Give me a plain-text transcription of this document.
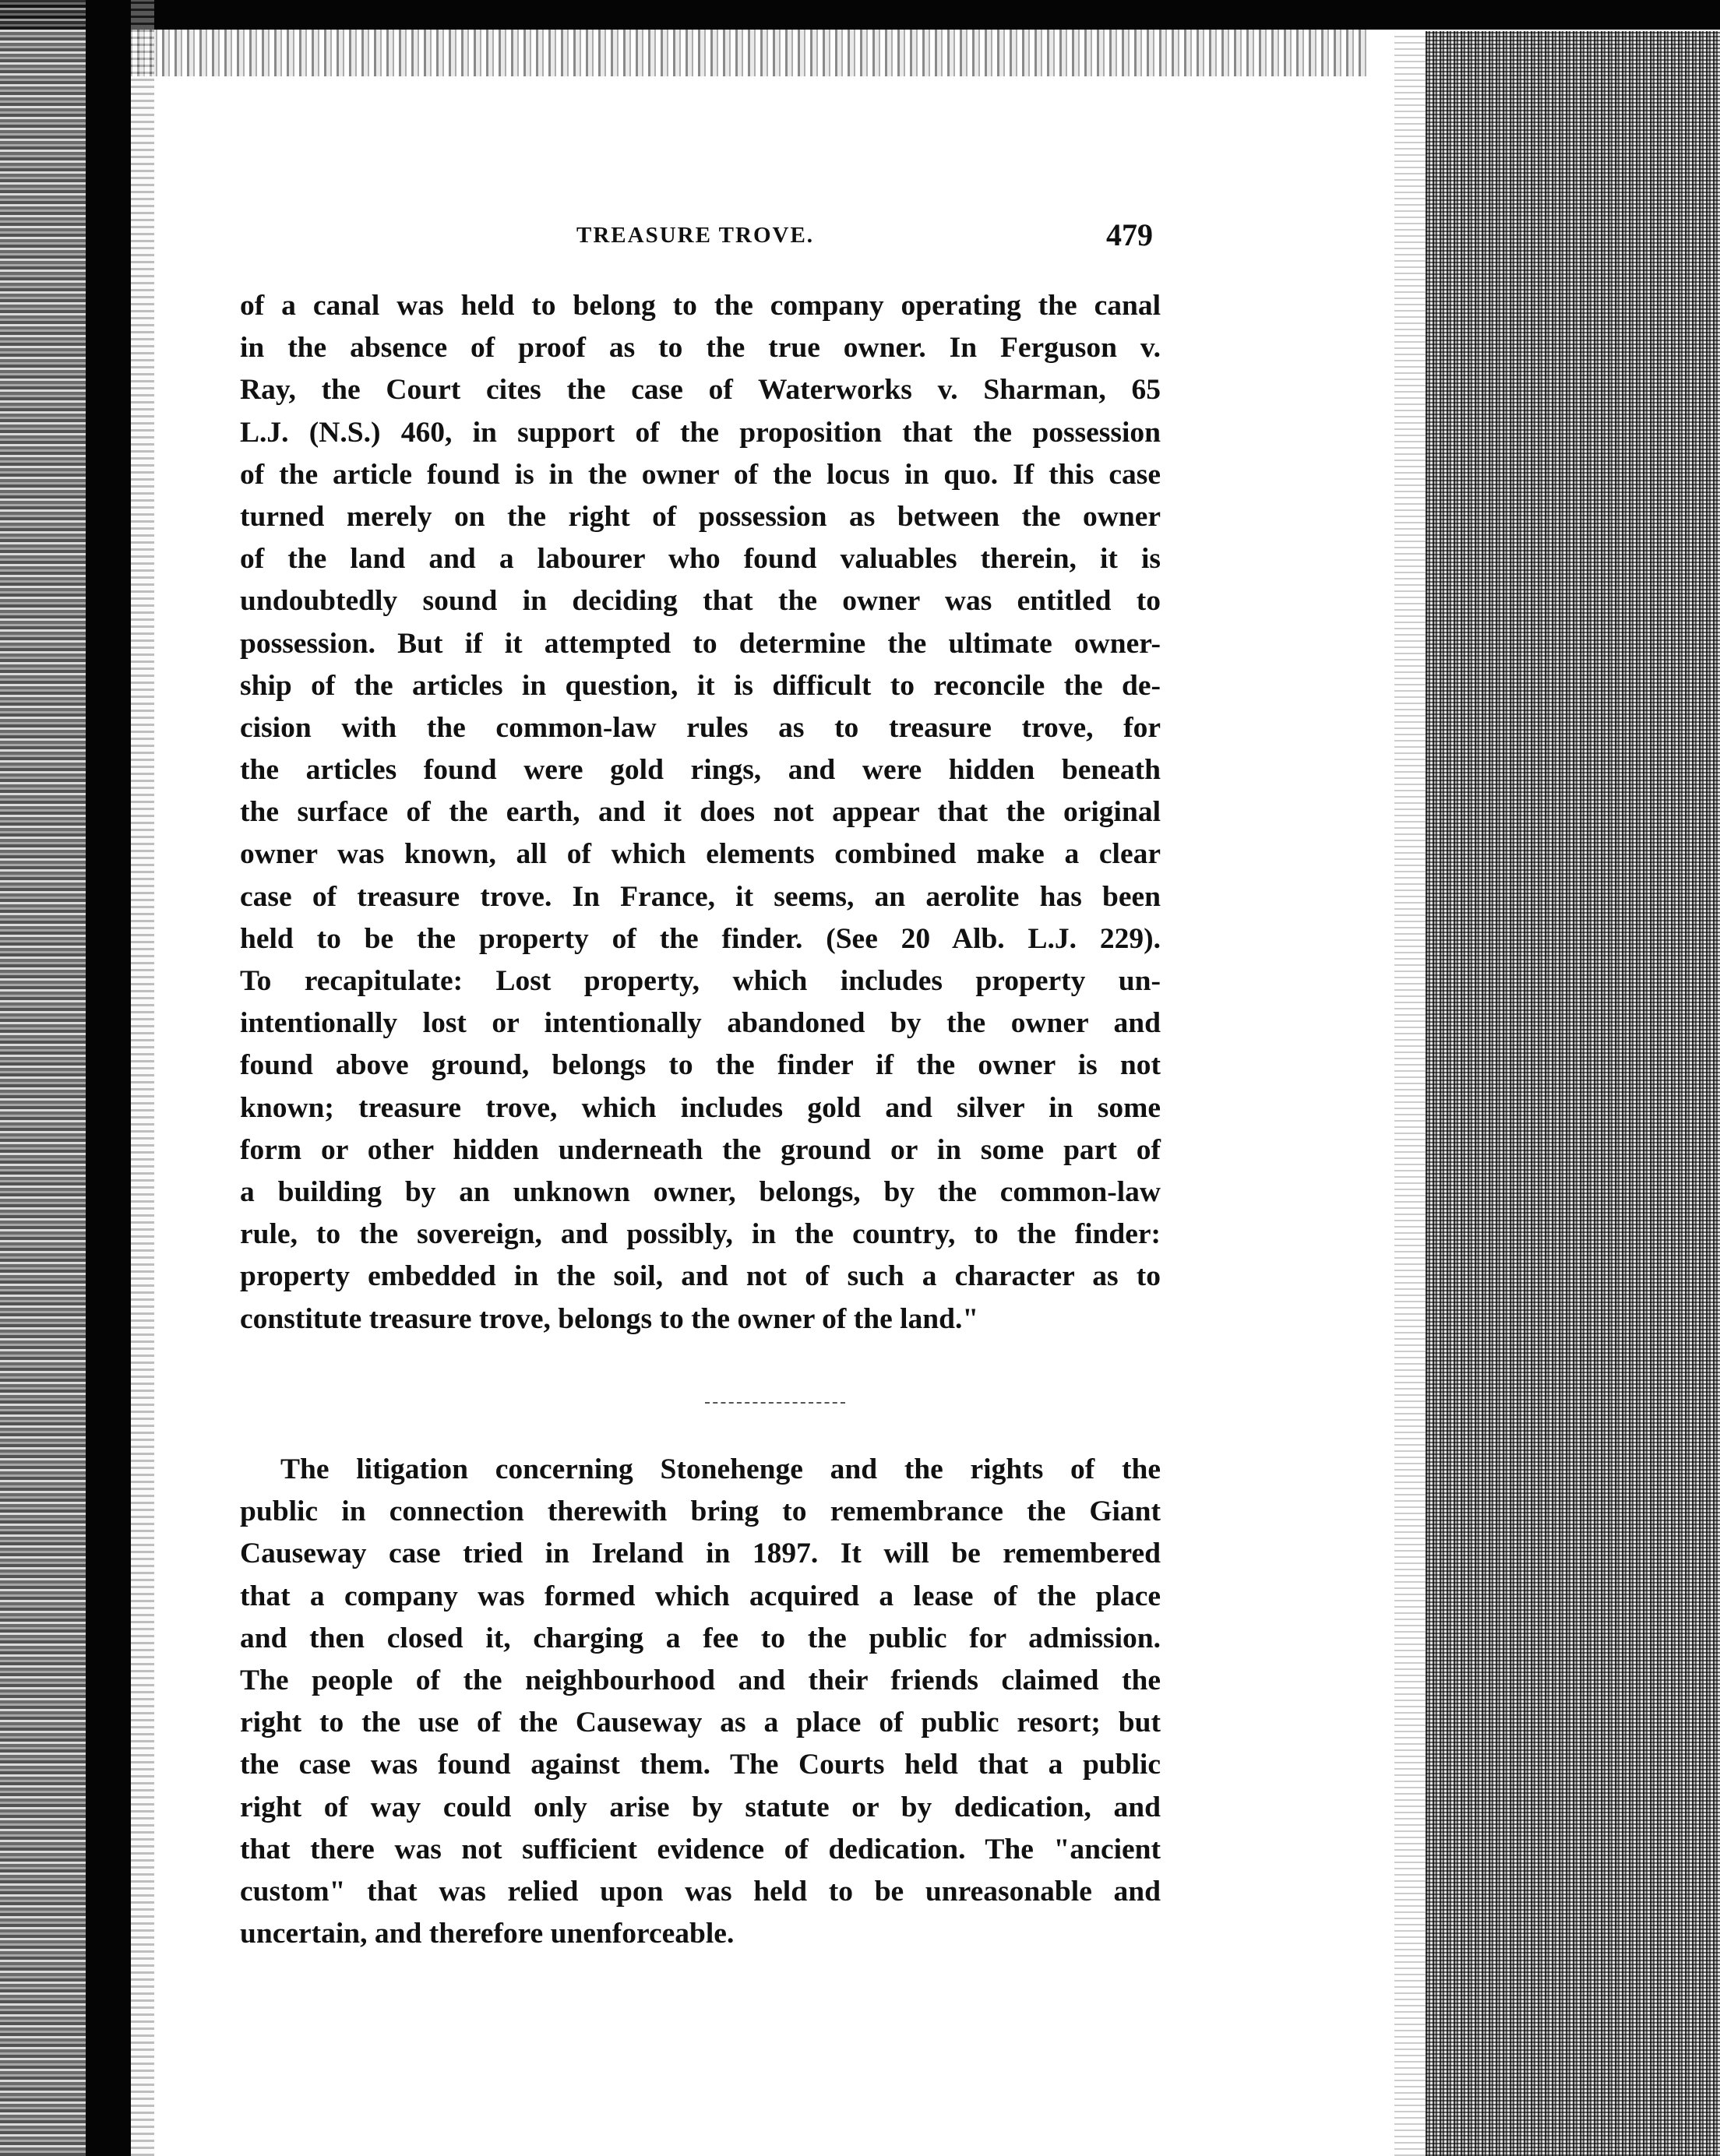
TREASURE TROVE.	479
of a canal was held to belong to the company operating the canal
in the absence of proof as to the true owner. In Ferguson v.
Ray, the Court cites the case of Waterworks v. Sharman, 65
L.J. (N.S.) 460, in support of the proposition that the possession
of the article found is in the owner of the locus in quo. If this case
turned merely on the right of possession as between the owner
of the land and a labourer who found valuables therein, it is
undoubtedly sound in deciding that the owner was entitled to
possession. But if it attempted to determine the ultimate owner-
ship of the articles in question, it is difficult to reconcile the de-
cision with the common-law rules as to treasure trove, for
the articles found were gold rings, and were hidden beneath
the surface of the earth, and it does not appear that the original
owner was known, all of which elements combined make a clear
case of treasure trove. In France, it seems, an aerolite has been
held to be the property of the finder. (See 20 Alb. L.J. 229).
To recapitulate: Lost property, which includes property un-
intentionally lost or intentionally abandoned by the owner and
found above ground, belongs to the finder if the owner is not
known; treasure trove, which includes gold and silver in some
form or other hidden underneath the ground or in some part of
a building by an unknown owner, belongs, by the common-law
rule, to the sovereign, and possibly, in the country, to the finder:
property embedded in the soil, and not of such a character as to
constitute treasure trove, belongs to the owner of the land."
The litigation concerning Stonehenge and the rights of the
public in connection therewith bring to remembrance the Giant
Causeway case tried in Ireland in 1897. It will be remembered
that a company was formed which acquired a lease of the place
and then closed it, charging a fee to the public for admission.
The people of the neighbourhood and their friends claimed the
right to the use of the Causeway as a place of public resort; but
the case was found against them. The Courts held that a public
right of way could only arise by statute or by dedication, and
that there was not sufficient evidence of dedication. The "ancient
custom" that was relied upon was held to be unreasonable and
uncertain, and therefore unenforceable.
